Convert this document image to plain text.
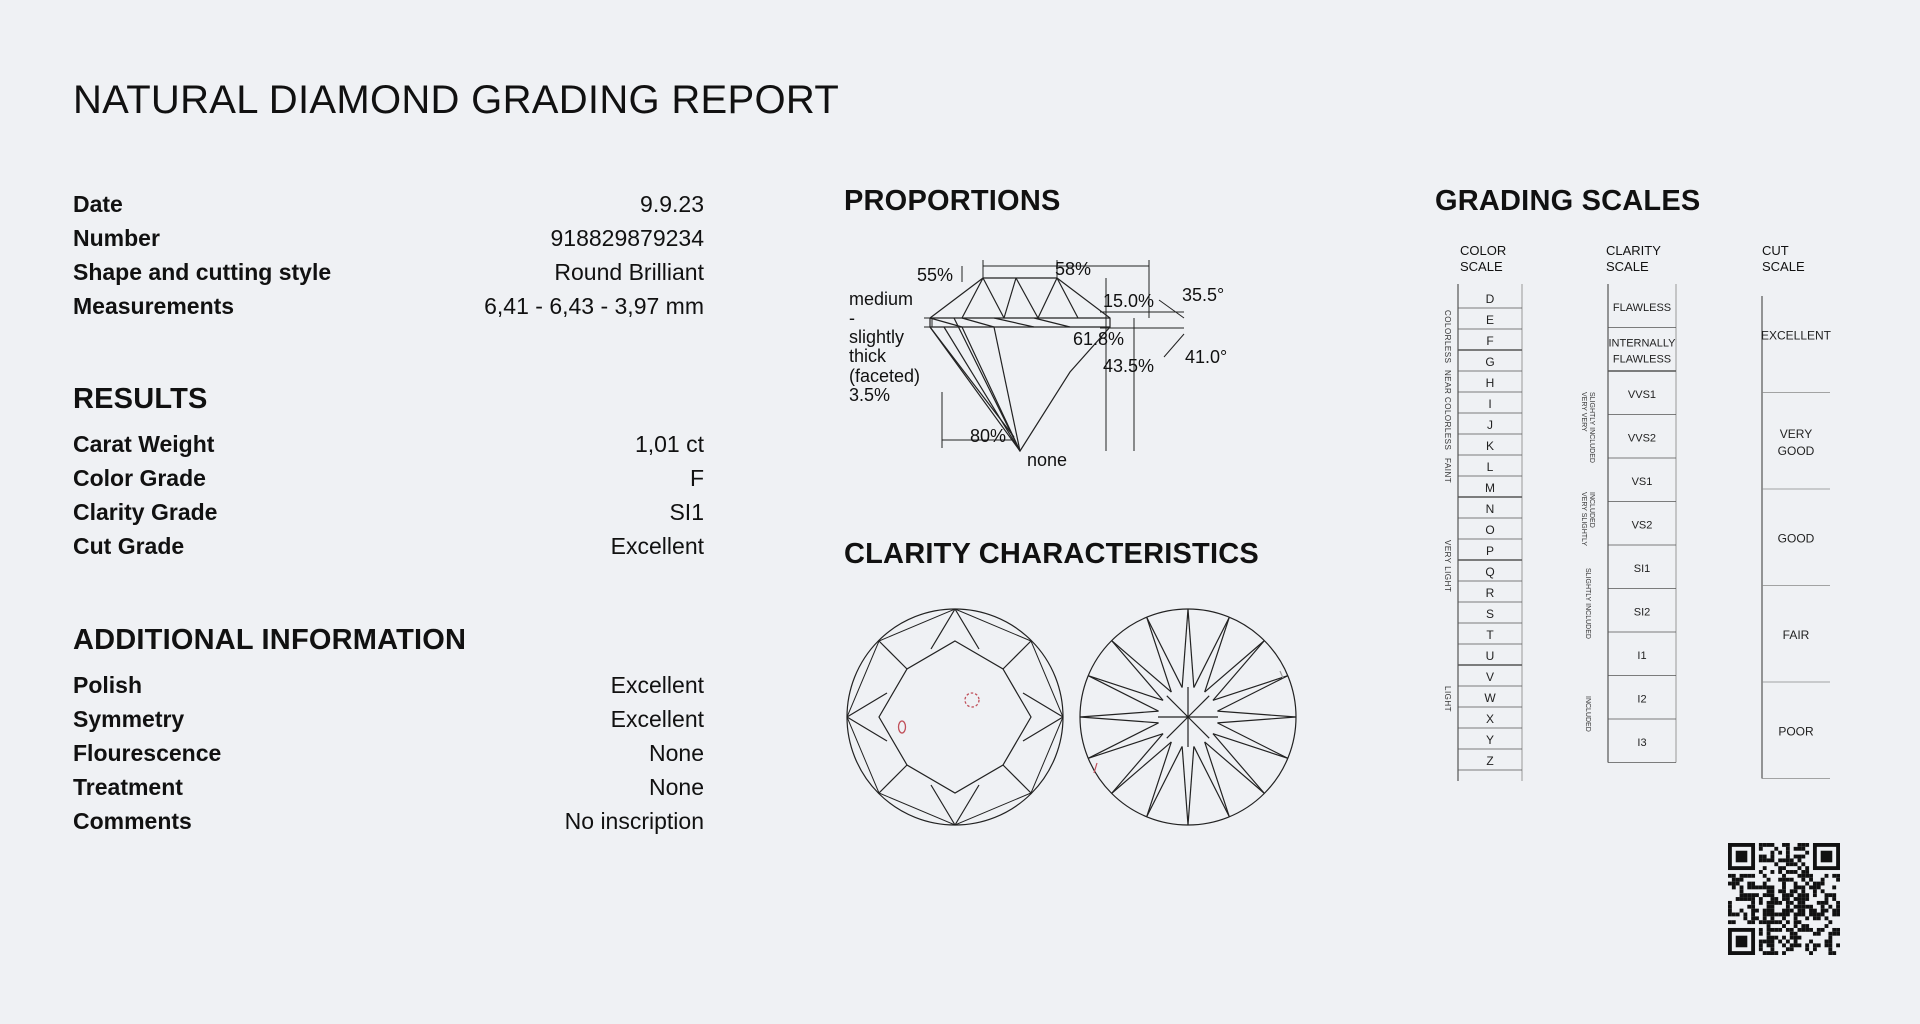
NATURAL DIAMOND GRADING REPORT
Date	9.9.23
Number	918829879234
Shape and cutting style	Round Brilliant
Measurements	6,41 - 6,43 - 3,97 mm
RESULTS
Carat Weight	1,01 ct
Color Grade	F
Clarity Grade	SI1
Cut Grade	Excellent
ADDITIONAL INFORMATION
Polish	Excellent
Symmetry	Excellent
Flourescence	None
Treatment	None
Comments	No inscription
PROPORTIONS
55%	58%
15.0% 35.5°
medium
-
slightly
thick
(faceted)
3.5%
61.8%
43.5% 41.0°
80%
none
CLARITY CHARACTERISTICS
GRADING SCALES
COLOR
SCALE
D
E
F
G
H
I
J
K
L
M
N
O
P
Q
R
S
T
U
V
W
X
Y
Z
COLORLESS
NEAR COLORLESS
FAINT
VERY LIGHT
LIGHT
CLARITY
SCALE
FLAWLESS
INTERNALLY
FLAWLESS
VVS1
VVS2
VS1
VS2
SI1
SI2
I1
I2
I3
VERY VERY SLIGHTLY INCLUDED
VERY SLIGHTLY INCLUDED
SLIGHTLY INCLUDED
INCLUDED
CUT
SCALE
EXCELLENT
VERY
GOOD
GOOD
FAIR
POOR
